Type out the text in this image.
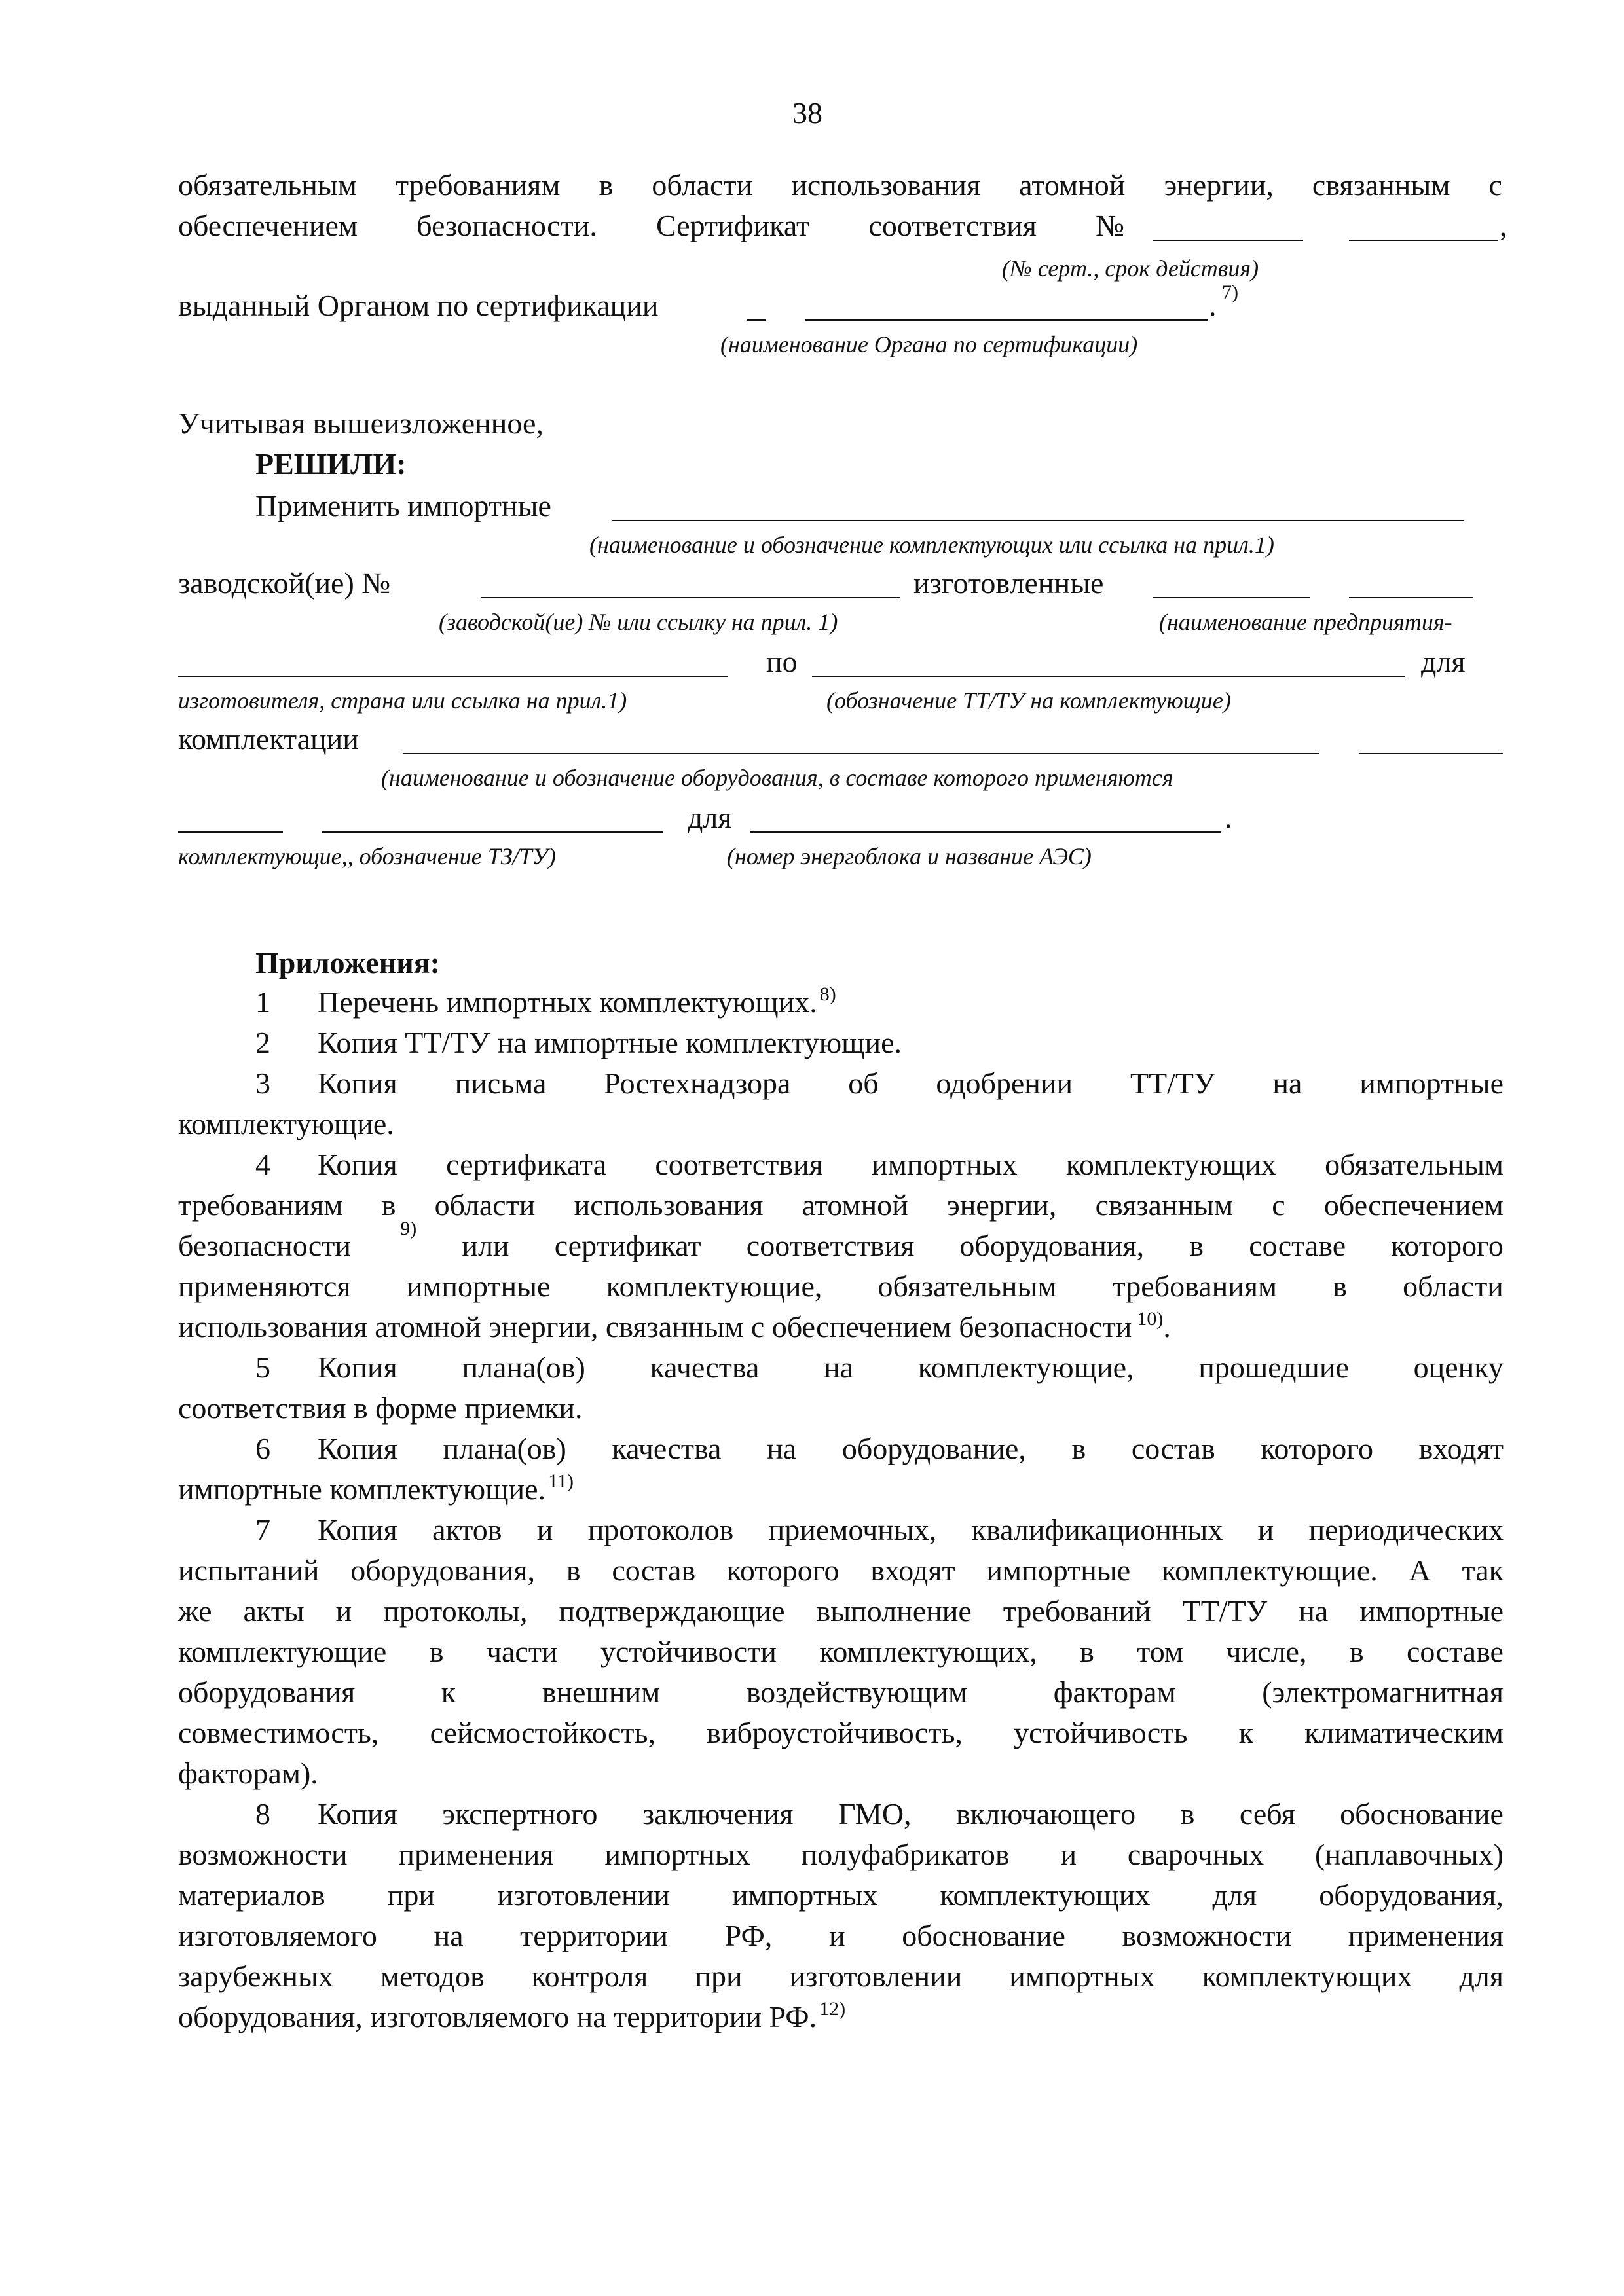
38
обязательным требованиям в области использования атомной энергии, связанным с
обеспечением безопасности. Сертификат соответствия №	,
(№ серт., срок действия)
выданный Органом по сертификации	. 7)
(наименование Органа по сертификации)
Учитывая вышеизложенное,
РЕШИЛИ:
Применить импортные
(наименование и обозначение комплектующих или ссылка на прил.1)
заводской(ие) №	изготовленные
(заводской(ие) № или ссылку на прил. 1)	(наименование предприятия-
по	для
изготовителя, страна или ссылка на прил.1)	(обозначение ТТ/ТУ на комплектующие)
комплектации
(наименование и обозначение оборудования, в составе которого применяются
для	.
комплектующие,, обозначение ТЗ/ТУ)	(номер энергоблока и название АЭС)
Приложения:
1 Перечень импортных комплектующих. $^{8)}$
2 Копия ТТ/ТУ на импортные комплектующие.
3 Копия письма Ростехнадзора об одобрении ТТ/ТУ на импортные
комплектующие.
4 Копия сертификата соответствия импортных комплектующих обязательным
требованиям в области использования атомной энергии, связанным с обеспечением
безопасности
9)
или сертификат соответствия оборудования, в составе которого
применяются импортные комплектующие, обязательным требованиям в области
использования атомной энергии, связанным с обеспечением безопасности $^{10)}$.
5 Копия плана(ов) качества на комплектующие, прошедшие оценку
соответствия в форме приемки.
6 Копия плана(ов) качества на оборудование, в состав которого входят
импортные комплектующие. $^{11)}$
7 Копия актов и протоколов приемочных, квалификационных и периодических
испытаний оборудования, в состав которого входят импортные комплектующие. А так
же акты и протоколы, подтверждающие выполнение требований ТТ/ТУ на импортные
комплектующие в части устойчивости комплектующих, в том числе, в составе
оборудования	к	внешним	воздействующим	факторам	(электромагнитная
совместимость, сейсмостойкость, виброустойчивость, устойчивость к климатическим
факторам).
8 Копия экспертного заключения ГМО, включающего в себя обоснование
возможности применения импортных полуфабрикатов и сварочных (наплавочных)
материалов при изготовлении импортных комплектующих для оборудования,
изготовляемого на территории РФ, и обоснование возможности применения
зарубежных методов контроля при изготовлении импортных комплектующих для
оборудования, изготовляемого на территории РФ. $^{12)}$
